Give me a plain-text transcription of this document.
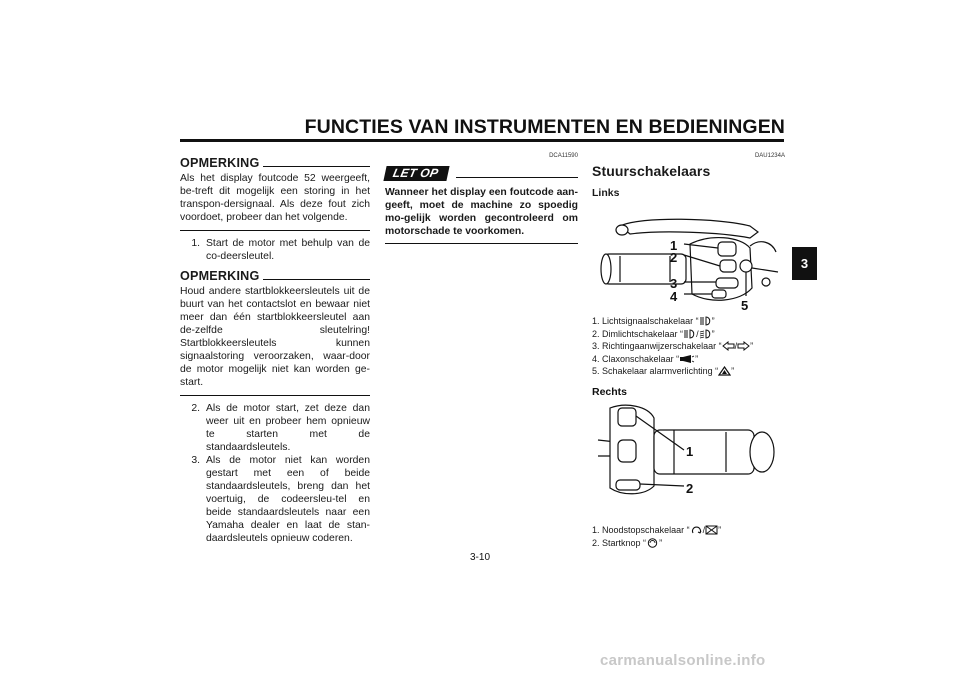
FUNCTIES VAN INSTRUMENTEN EN BEDIENINGEN
3
OPMERKING
Als het display foutcode 52 weergeeft, be-treft dit mogelijk een storing in het transpon-dersignaal. Als deze fout zich voordoet, probeer dan het volgende.
1. Start de motor met behulp van de co-deersleutel.
OPMERKING
Houd andere startblokkeersleutels uit de buurt van het contactslot en bewaar niet meer dan één startblokkeersleutel aan de-zelfde sleutelring! Startblokkeersleutels kunnen signaalstoring veroorzaken, waar-door de motor mogelijk niet kan worden ge-start.
2. Als de motor start, zet deze dan weer uit en probeer hem opnieuw te starten met de standaardsleutels.
3. Als de motor niet kan worden gestart met een of beide standaardsleutels, breng dan het voertuig, de codeersleu-tel en beide standaardsleutels naar een Yamaha dealer en laat de stan-daardsleutels opnieuw coderen.
DCA11590
LET OP
Wanneer het display een foutcode aan-geeft, moet de machine zo spoedig mo-gelijk worden gecontroleerd om motorschade te voorkomen.
DAU1234A
Stuurschakelaars
Links
1
2
3
4
5
1.
Lichtsignaalschakelaar “ ”
2.
Dimlichtschakelaar “ / ”
3.
Richtingaanwijzerschakelaar “ / ”
4.
Claxonschakelaar “ ”
5.
Schakelaar alarmverlichting “ ”
Rechts
1
2
1.
Noodstopschakelaar “ / ”
2.
Startknop “ ”
3-10
carmanualsonline.info
